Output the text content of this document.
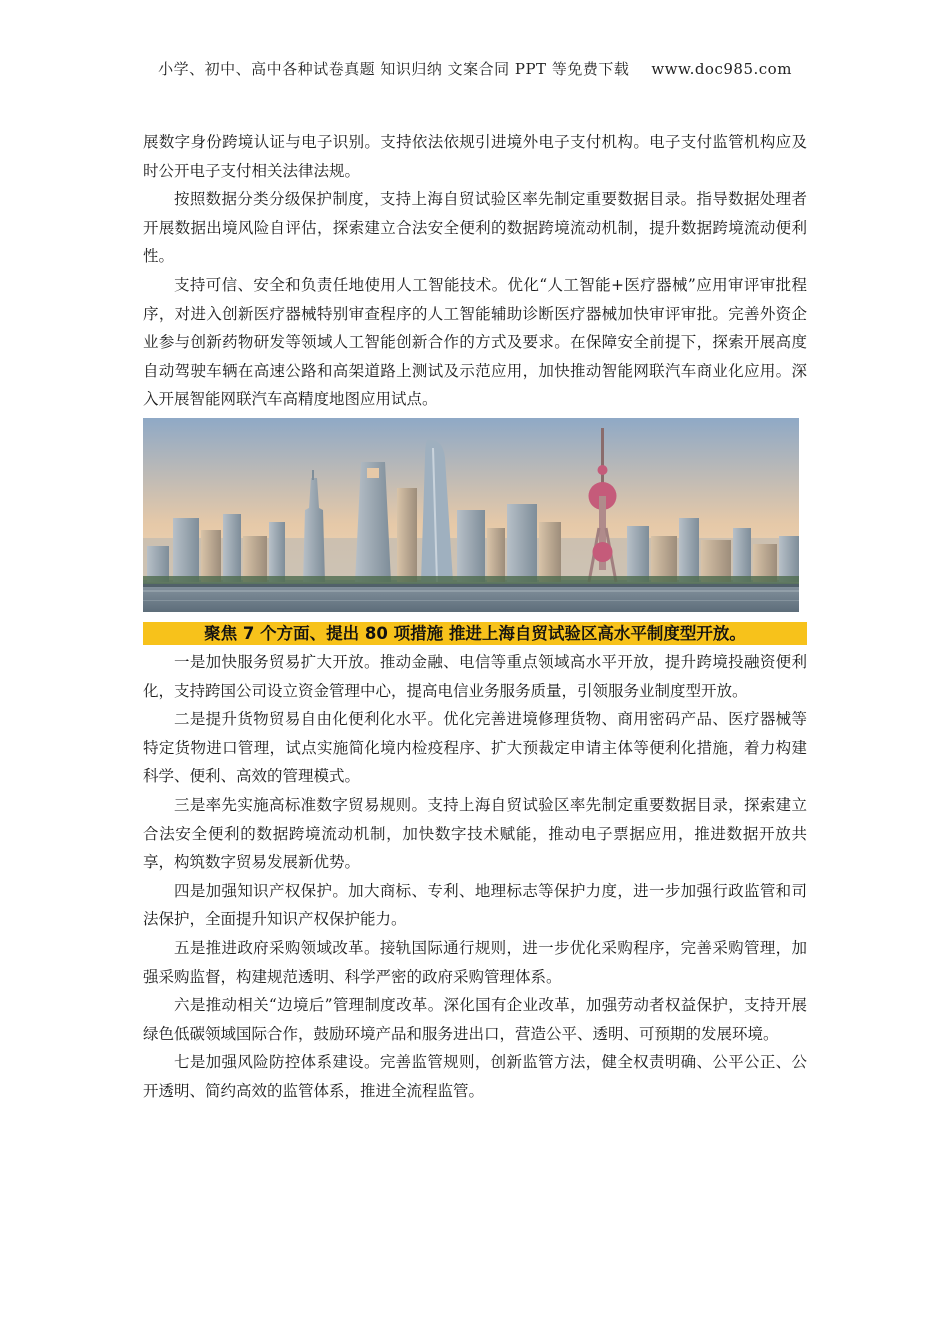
小学、初中、高中各种试卷真题 知识归纳 文案合同 PPT 等免费下载 www.doc985.com

展数字身份跨境认证与电子识别。支持依法依规引进境外电子支付机构。电子支付监管机构应及时公开电子支付相关法律法规。

按照数据分类分级保护制度，支持上海自贸试验区率先制定重要数据目录。指导数据处理者开展数据出境风险自评估，探索建立合法安全便利的数据跨境流动机制，提升数据跨境流动便利性。

支持可信、安全和负责任地使用人工智能技术。优化“人工智能+医疗器械”应用审评审批程序，对进入创新医疗器械特别审查程序的人工智能辅助诊断医疗器械加快审评审批。完善外资企业参与创新药物研发等领域人工智能创新合作的方式及要求。在保障安全前提下，探索开展高度自动驾驶车辆在高速公路和高架道路上测试及示范应用，加快推动智能网联汽车商业化应用。深入开展智能网联汽车高精度地图应用试点。

聚焦 7 个方面、提出 80 项措施 推进上海自贸试验区高水平制度型开放。

一是加快服务贸易扩大开放。推动金融、电信等重点领域高水平开放，提升跨境投融资便利化，支持跨国公司设立资金管理中心，提高电信业务服务质量，引领服务业制度型开放。

二是提升货物贸易自由化便利化水平。优化完善进境修理货物、商用密码产品、医疗器械等特定货物进口管理，试点实施简化境内检疫程序、扩大预裁定申请主体等便利化措施，着力构建科学、便利、高效的管理模式。

三是率先实施高标准数字贸易规则。支持上海自贸试验区率先制定重要数据目录，探索建立合法安全便利的数据跨境流动机制，加快数字技术赋能，推动电子票据应用，推进数据开放共享，构筑数字贸易发展新优势。

四是加强知识产权保护。加大商标、专利、地理标志等保护力度，进一步加强行政监管和司法保护，全面提升知识产权保护能力。

五是推进政府采购领域改革。接轨国际通行规则，进一步优化采购程序，完善采购管理，加强采购监督，构建规范透明、科学严密的政府采购管理体系。

六是推动相关“边境后”管理制度改革。深化国有企业改革，加强劳动者权益保护，支持开展绿色低碳领域国际合作，鼓励环境产品和服务进出口，营造公平、透明、可预期的发展环境。

七是加强风险防控体系建设。完善监管规则，创新监管方法，健全权责明确、公平公正、公开透明、简约高效的监管体系，推进全流程监管。
